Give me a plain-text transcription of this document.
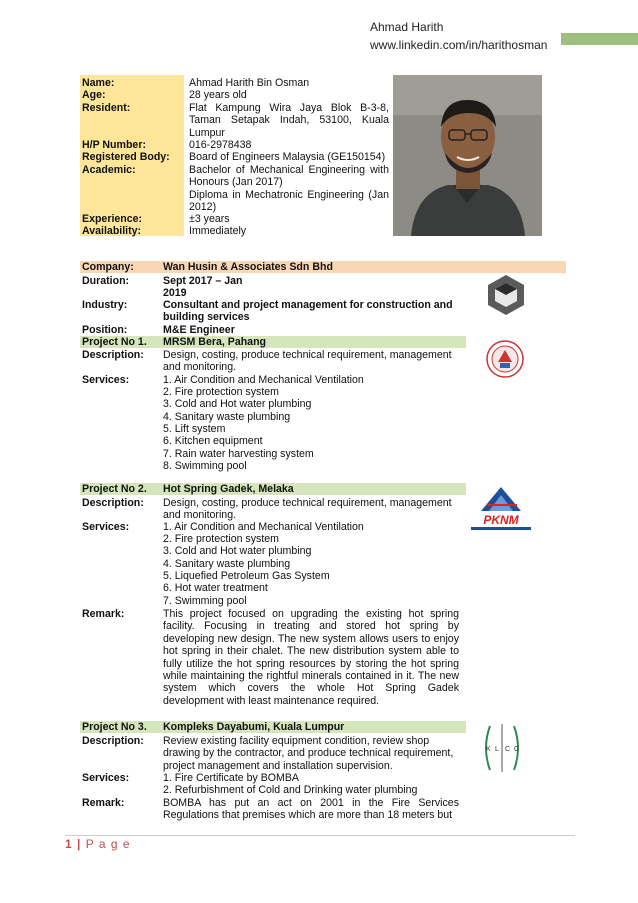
Ahmad Harith
www.linkedin.com/in/harithosman
Name:	Ahmad Harith Bin Osman
Age:	28 years old
Resident:	Flat Kampung Wira Jaya Blok B-3-8, Taman Setapak Indah, 53100, Kuala Lumpur
H/P Number:	016-2978438
Registered Body: Board of Engineers Malaysia (GE150154)
Academic:	Bachelor of Mechanical Engineering with Honours (Jan 2017)
Diploma in Mechatronic Engineering (Jan 2012)
Experience:	±3 years
Availability:	Immediately
Company:	Wan Husin & Associates Sdn Bhd
Duration:	Sept 2017 – Jan 2019
Industry:	Consultant and project management for construction and building services
Position:	M&E Engineer
Project No 1. MRSM Bera, Pahang
Description: Design, costing, produce technical requirement, management and monitoring.
Services:	1. Air Condition and Mechanical Ventilation
2. Fire protection system
3. Cold and Hot water plumbing
4. Sanitary waste plumbing
5. Lift system
6. Kitchen equipment
7. Rain water harvesting system
8. Swimming pool
Project No 2. Hot Spring Gadek, Melaka
Description: Design, costing, produce technical requirement, management and monitoring.
Services:	1. Air Condition and Mechanical Ventilation
2. Fire protection system
3. Cold and Hot water plumbing
4. Sanitary waste plumbing
5. Liquefied Petroleum Gas System
6. Hot water treatment
7. Swimming pool
Remark:	This project focused on upgrading the existing hot spring facility. Focusing in treating and stored hot spring by developing new design. The new system allows users to enjoy hot spring in their chalet. The new distribution system able to fully utilize the hot spring resources by storing the hot spring while maintaining the rightful minerals contained in it. The new system which covers the whole Hot Spring Gadek development with least maintenance required.
PKNM
Project No 3. Kompleks Dayabumi, Kuala Lumpur
Description: Review existing facility equipment condition, review shop drawing by the contractor, and produce technical requirement, project management and installation supervision.
Services:	1. Fire Certificate by BOMBA
2. Refurbishment of Cold and Drinking water plumbing
Remark:	BOMBA has put an act on 2001 in the Fire Services Regulations that premises which are more than 18 meters but
K L C C
1 | P a g e
